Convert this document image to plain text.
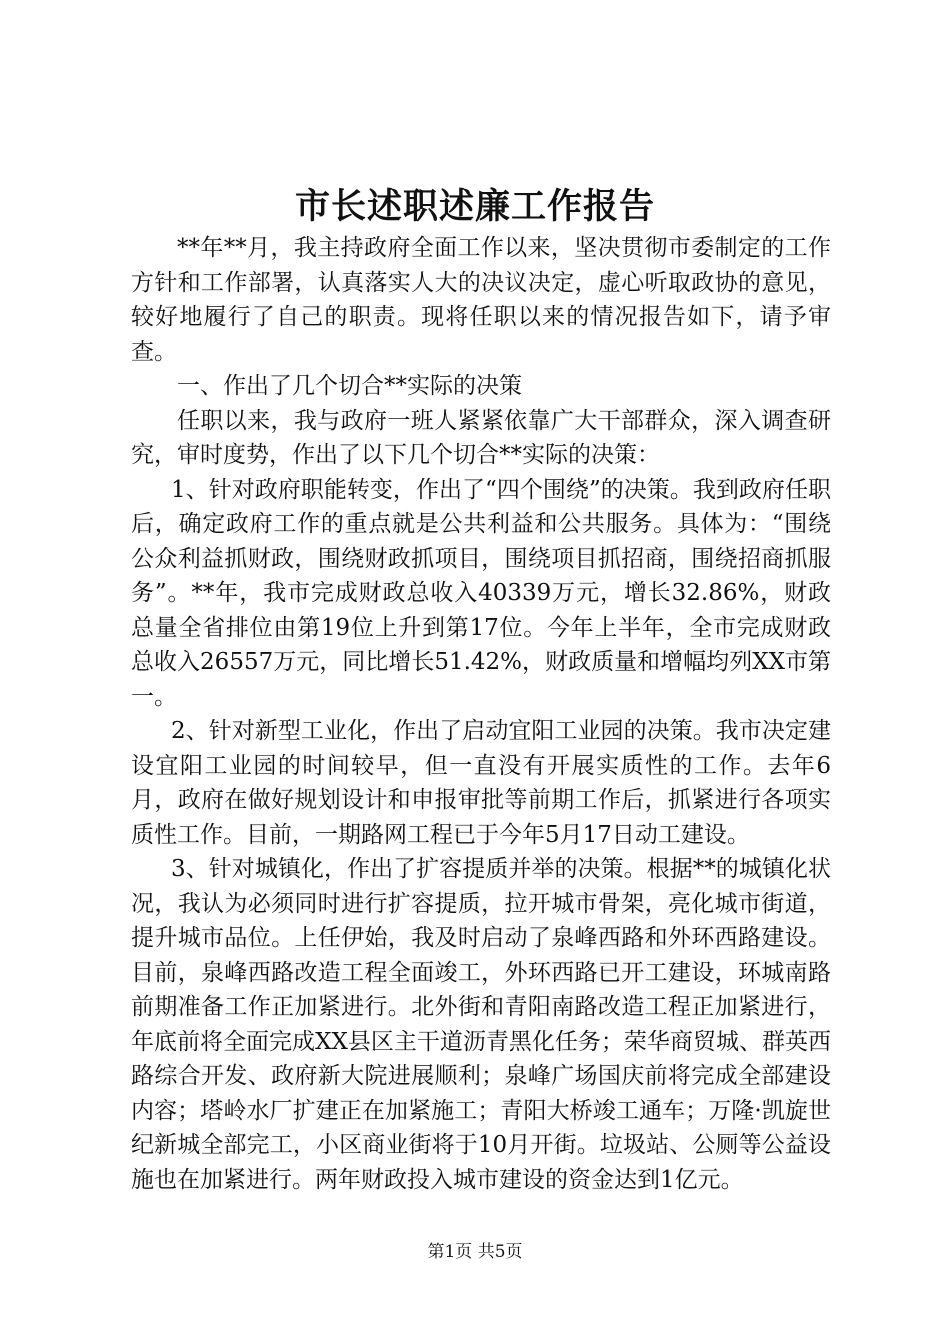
市长述职述廉工作报告

**年**月，我主持政府全面工作以来，坚决贯彻市委制定的工作方针和工作部署，认真落实人大的决议决定，虚心听取政协的意见，较好地履行了自己的职责。现将任职以来的情况报告如下，请予审查。

一、作出了几个切合**实际的决策

任职以来，我与政府一班人紧紧依靠广大干部群众，深入调查研究，审时度势，作出了以下几个切合**实际的决策：

1、针对政府职能转变，作出了“四个围绕”的决策。我到政府任职后，确定政府工作的重点就是公共利益和公共服务。具体为：“围绕公众利益抓财政，围绕财政抓项目，围绕项目抓招商，围绕招商抓服务”。**年，我市完成财政总收入40339万元，增长32.86%，财政总量全省排位由第19位上升到第17位。今年上半年，全市完成财政总收入26557万元，同比增长51.42%，财政质量和增幅均列XX市第一。

2、针对新型工业化，作出了启动宜阳工业园的决策。我市决定建设宜阳工业园的时间较早，但一直没有开展实质性的工作。去年6月，政府在做好规划设计和申报审批等前期工作后，抓紧进行各项实质性工作。目前，一期路网工程已于今年5月17日动工建设。

3、针对城镇化，作出了扩容提质并举的决策。根据**的城镇化状况，我认为必须同时进行扩容提质，拉开城市骨架，亮化城市街道，提升城市品位。上任伊始，我及时启动了泉峰西路和外环西路建设。目前，泉峰西路改造工程全面竣工，外环西路已开工建设，环城南路前期准备工作正加紧进行。北外街和青阳南路改造工程正加紧进行，年底前将全面完成XX县区主干道沥青黑化任务；荣华商贸城、群英西路综合开发、政府新大院进展顺利；泉峰广场国庆前将完成全部建设内容；塔岭水厂扩建正在加紧施工；青阳大桥竣工通车；万隆·凯旋世纪新城全部完工，小区商业街将于10月开街。垃圾站、公厕等公益设施也在加紧进行。两年财政投入城市建设的资金达到1亿元。

第1页 共5页
